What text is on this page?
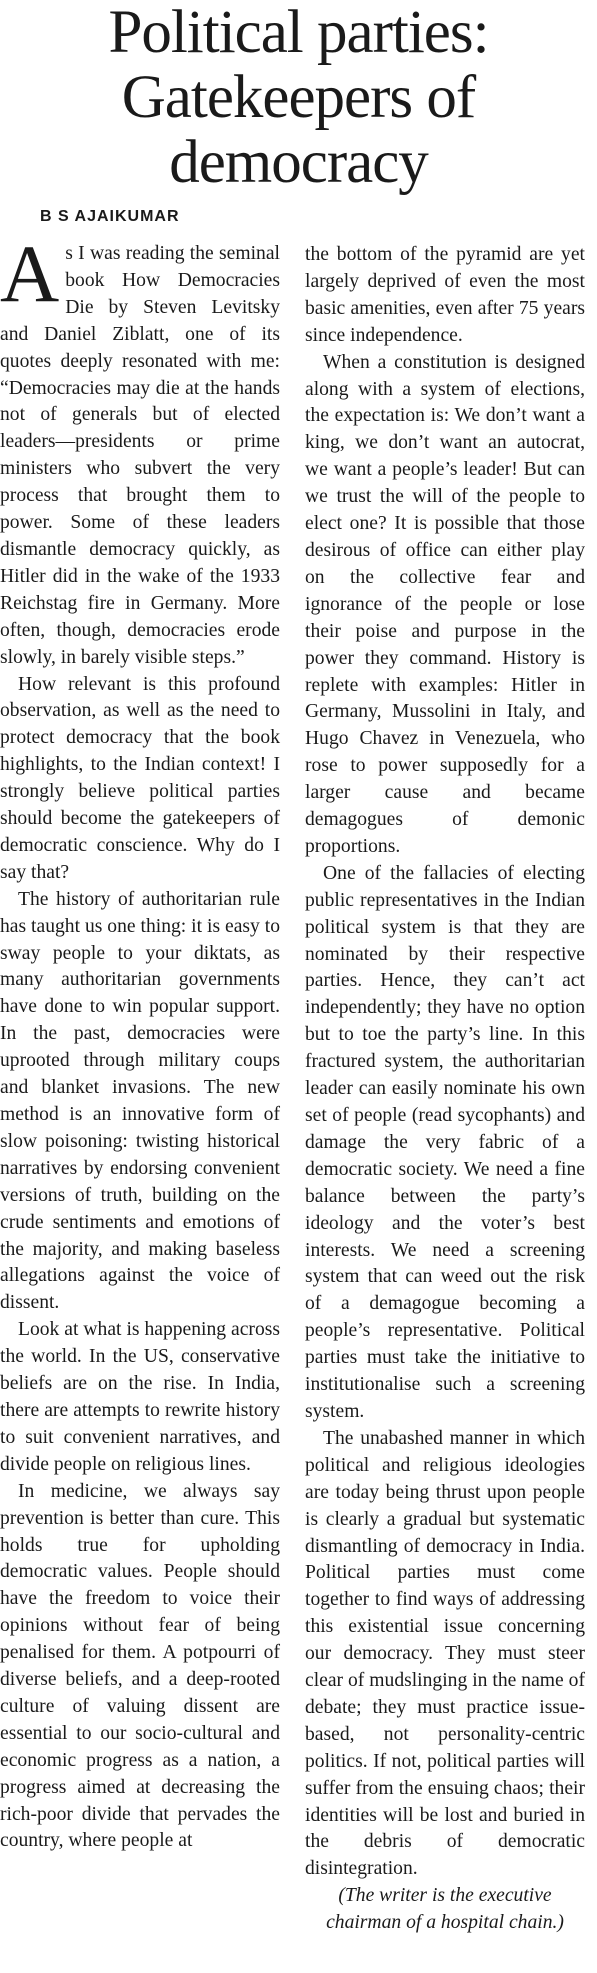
Political parties:
Gatekeepers of
democracy
B S AJAIKUMAR

As I was reading the seminal book How Democracies Die by Steven Levitsky and Daniel Ziblatt, one of its quotes deeply resonated with me: “Democracies may die at the hands not of generals but of elected leaders—presidents or prime ministers who subvert the very process that brought them to power. Some of these leaders dismantle democracy quickly, as Hitler did in the wake of the 1933 Reichstag fire in Germany. More often, though, democracies erode slowly, in barely visible steps.”

How relevant is this profound observation, as well as the need to protect democracy that the book highlights, to the Indian context! I strongly believe political parties should become the gatekeepers of democratic conscience. Why do I say that?

The history of authoritarian rule has taught us one thing: it is easy to sway people to your diktats, as many authoritarian governments have done to win popular support. In the past, democracies were uprooted through military coups and blanket invasions. The new method is an innovative form of slow poisoning: twisting historical narratives by endorsing convenient versions of truth, building on the crude sentiments and emotions of the majority, and making baseless allegations against the voice of dissent.

Look at what is happening across the world. In the US, conservative beliefs are on the rise. In India, there are attempts to rewrite history to suit convenient narratives, and divide people on religious lines.

In medicine, we always say prevention is better than cure. This holds true for upholding democratic values. People should have the freedom to voice their opinions without fear of being penalised for them. A potpourri of diverse beliefs, and a deep-rooted culture of valuing dissent are essential to our socio-cultural and economic progress as a nation, a progress aimed at decreasing the rich-poor divide that pervades the country, where people at

the bottom of the pyramid are yet largely deprived of even the most basic amenities, even after 75 years since independence.

When a constitution is designed along with a system of elections, the expectation is: We don’t want a king, we don’t want an autocrat, we want a people’s leader! But can we trust the will of the people to elect one? It is possible that those desirous of office can either play on the collective fear and ignorance of the people or lose their poise and purpose in the power they command. History is replete with examples: Hitler in Germany, Mussolini in Italy, and Hugo Chavez in Venezuela, who rose to power supposedly for a larger cause and became demagogues of demonic proportions.

One of the fallacies of electing public representatives in the Indian political system is that they are nominated by their respective parties. Hence, they can’t act independently; they have no option but to toe the party’s line. In this fractured system, the authoritarian leader can easily nominate his own set of people (read sycophants) and damage the very fabric of a democratic society. We need a fine balance between the party’s ideology and the voter’s best interests. We need a screening system that can weed out the risk of a demagogue becoming a people’s representative. Political parties must take the initiative to institutionalise such a screening system.

The unabashed manner in which political and religious ideologies are today being thrust upon people is clearly a gradual but systematic dismantling of democracy in India. Political parties must come together to find ways of addressing this existential issue concerning our democracy. They must steer clear of mudslinging in the name of debate; they must practice issue-based, not personality-centric politics. If not, political parties will suffer from the ensuing chaos; their identities will be lost and buried in the debris of democratic disintegration.

(The writer is the executive chairman of a hospital chain.)
